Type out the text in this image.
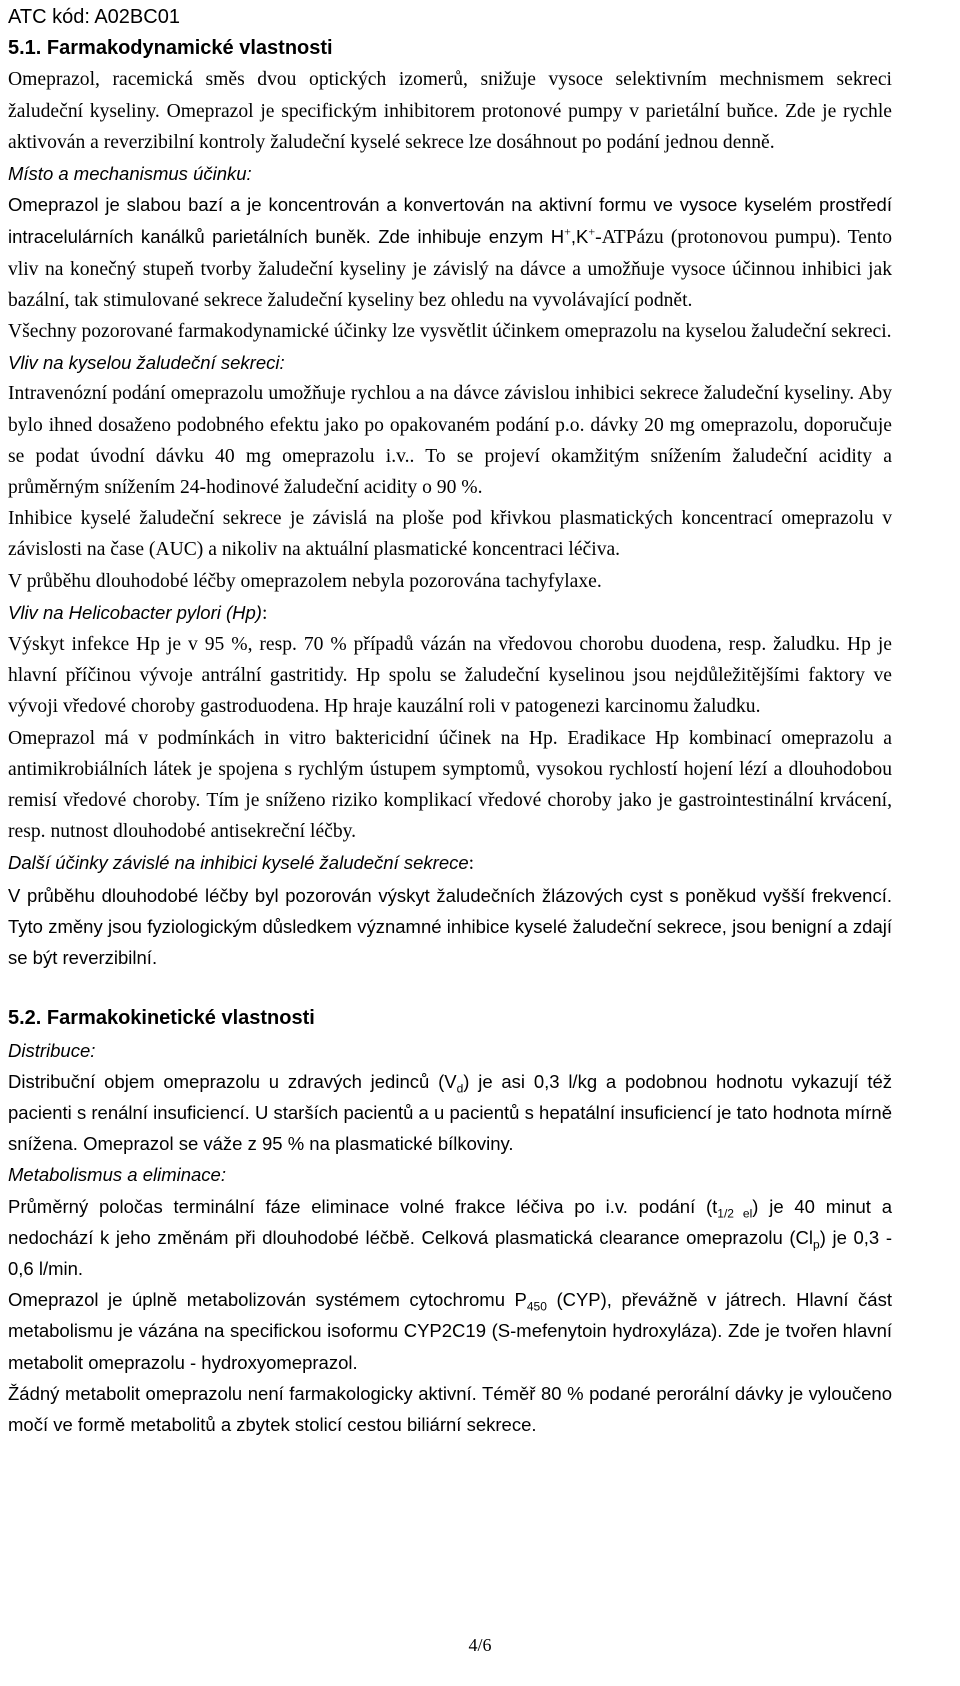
ATC kód: A02BC01

5.1. Farmakodynamické vlastnosti

Omeprazol, racemická směs dvou optických izomerů, snižuje vysoce selektivním mechnismem sekreci žaludeční kyseliny. Omeprazol je specifickým inhibitorem protonové pumpy v parietální buňce. Zde je rychle aktivován a reverzibilní kontroly žaludeční kyselé sekrece lze dosáhnout po podání jednou denně.

Místo a mechanismus účinku:

Omeprazol je slabou bazí a je koncentrován a konvertován na aktivní formu ve vysoce kyselém prostředí intracelulárních kanálků parietálních buněk. Zde inhibuje enzym H+,K+-ATPázu (protonovou pumpu). Tento vliv na konečný stupeň tvorby žaludeční kyseliny je závislý na dávce a umožňuje vysoce účinnou inhibici jak bazální, tak stimulované sekrece žaludeční kyseliny bez ohledu na vyvolávající podnět.

Všechny pozorované farmakodynamické účinky lze vysvětlit účinkem omeprazolu na kyselou žaludeční sekreci.

Vliv na kyselou žaludeční sekreci:

Intravenózní podání omeprazolu umožňuje rychlou a na dávce závislou inhibici sekrece žaludeční kyseliny. Aby bylo ihned dosaženo podobného efektu jako po opakovaném podání p.o. dávky 20 mg omeprazolu, doporučuje se podat úvodní dávku 40 mg omeprazolu i.v.. To se projeví okamžitým snížením žaludeční acidity a průměrným snížením 24-hodinové žaludeční acidity o 90 %.

Inhibice kyselé žaludeční sekrece je závislá na ploše pod křivkou plasmatických koncentrací omeprazolu v závislosti na čase (AUC) a nikoliv na aktuální plasmatické koncentraci léčiva.

V průběhu dlouhodobé léčby omeprazolem nebyla pozorována tachyfylaxe.

Vliv na Helicobacter pylori (Hp):

Výskyt infekce Hp je v 95 %, resp. 70 % případů vázán na vředovou chorobu duodena, resp. žaludku. Hp je hlavní příčinou vývoje antrální gastritidy. Hp spolu se žaludeční kyselinou jsou nejdůležitějšími faktory ve vývoji vředové choroby gastroduodena. Hp hraje kauzální roli v patogenezi karcinomu žaludku.

Omeprazol má v podmínkách in vitro baktericidní účinek na Hp. Eradikace Hp kombinací omeprazolu a antimikrobiálních látek je spojena s rychlým ústupem symptomů, vysokou rychlostí hojení lézí a dlouhodobou remisí vředové choroby. Tím je sníženo riziko komplikací vředové choroby jako je gastrointestinální krvácení, resp. nutnost dlouhodobé antisekreční léčby.

Další účinky závislé na inhibici kyselé žaludeční sekrece:

V průběhu dlouhodobé léčby byl pozorován výskyt žaludečních žlázových cyst s poněkud vyšší frekvencí. Tyto změny jsou fyziologickým důsledkem významné inhibice kyselé žaludeční sekrece, jsou benigní a zdají se být reverzibilní.

5.2. Farmakokinetické vlastnosti

Distribuce:

Distribuční objem omeprazolu u zdravých jedinců $(V_d)$ je asi 0,3 l/kg a podobnou hodnotu vykazují též pacienti s renální insuficiencí. U starších pacientů a u pacientů s hepatální insuficiencí je tato hodnota mírně snížena. Omeprazol se váže z 95 % na plasmatické bílkoviny.

Metabolismus a eliminace:

Průměrný poločas terminální fáze eliminace volné frakce léčiva po i.v. podání $(t_{1/2 el})$ je 40 minut a nedochází k jeho změnám při dlouhodobé léčbě. Celková plasmatická clearance omeprazolu $(Cl_p)$ je 0,3 - 0,6 l/min.

Omeprazol je úplně metabolizován systémem cytochromu $P_{450}$ (CYP), převážně v játrech. Hlavní část metabolismu je vázána na specifickou isoformu CYP2C19 (S-mefenytoin hydroxyláza). Zde je tvořen hlavní metabolit omeprazolu - hydroxyomeprazol.

Žádný metabolit omeprazolu není farmakologicky aktivní. Téměř 80 % podané perorální dávky je vyloučeno močí ve formě metabolitů a zbytek stolicí cestou biliární sekrece.

4/6
